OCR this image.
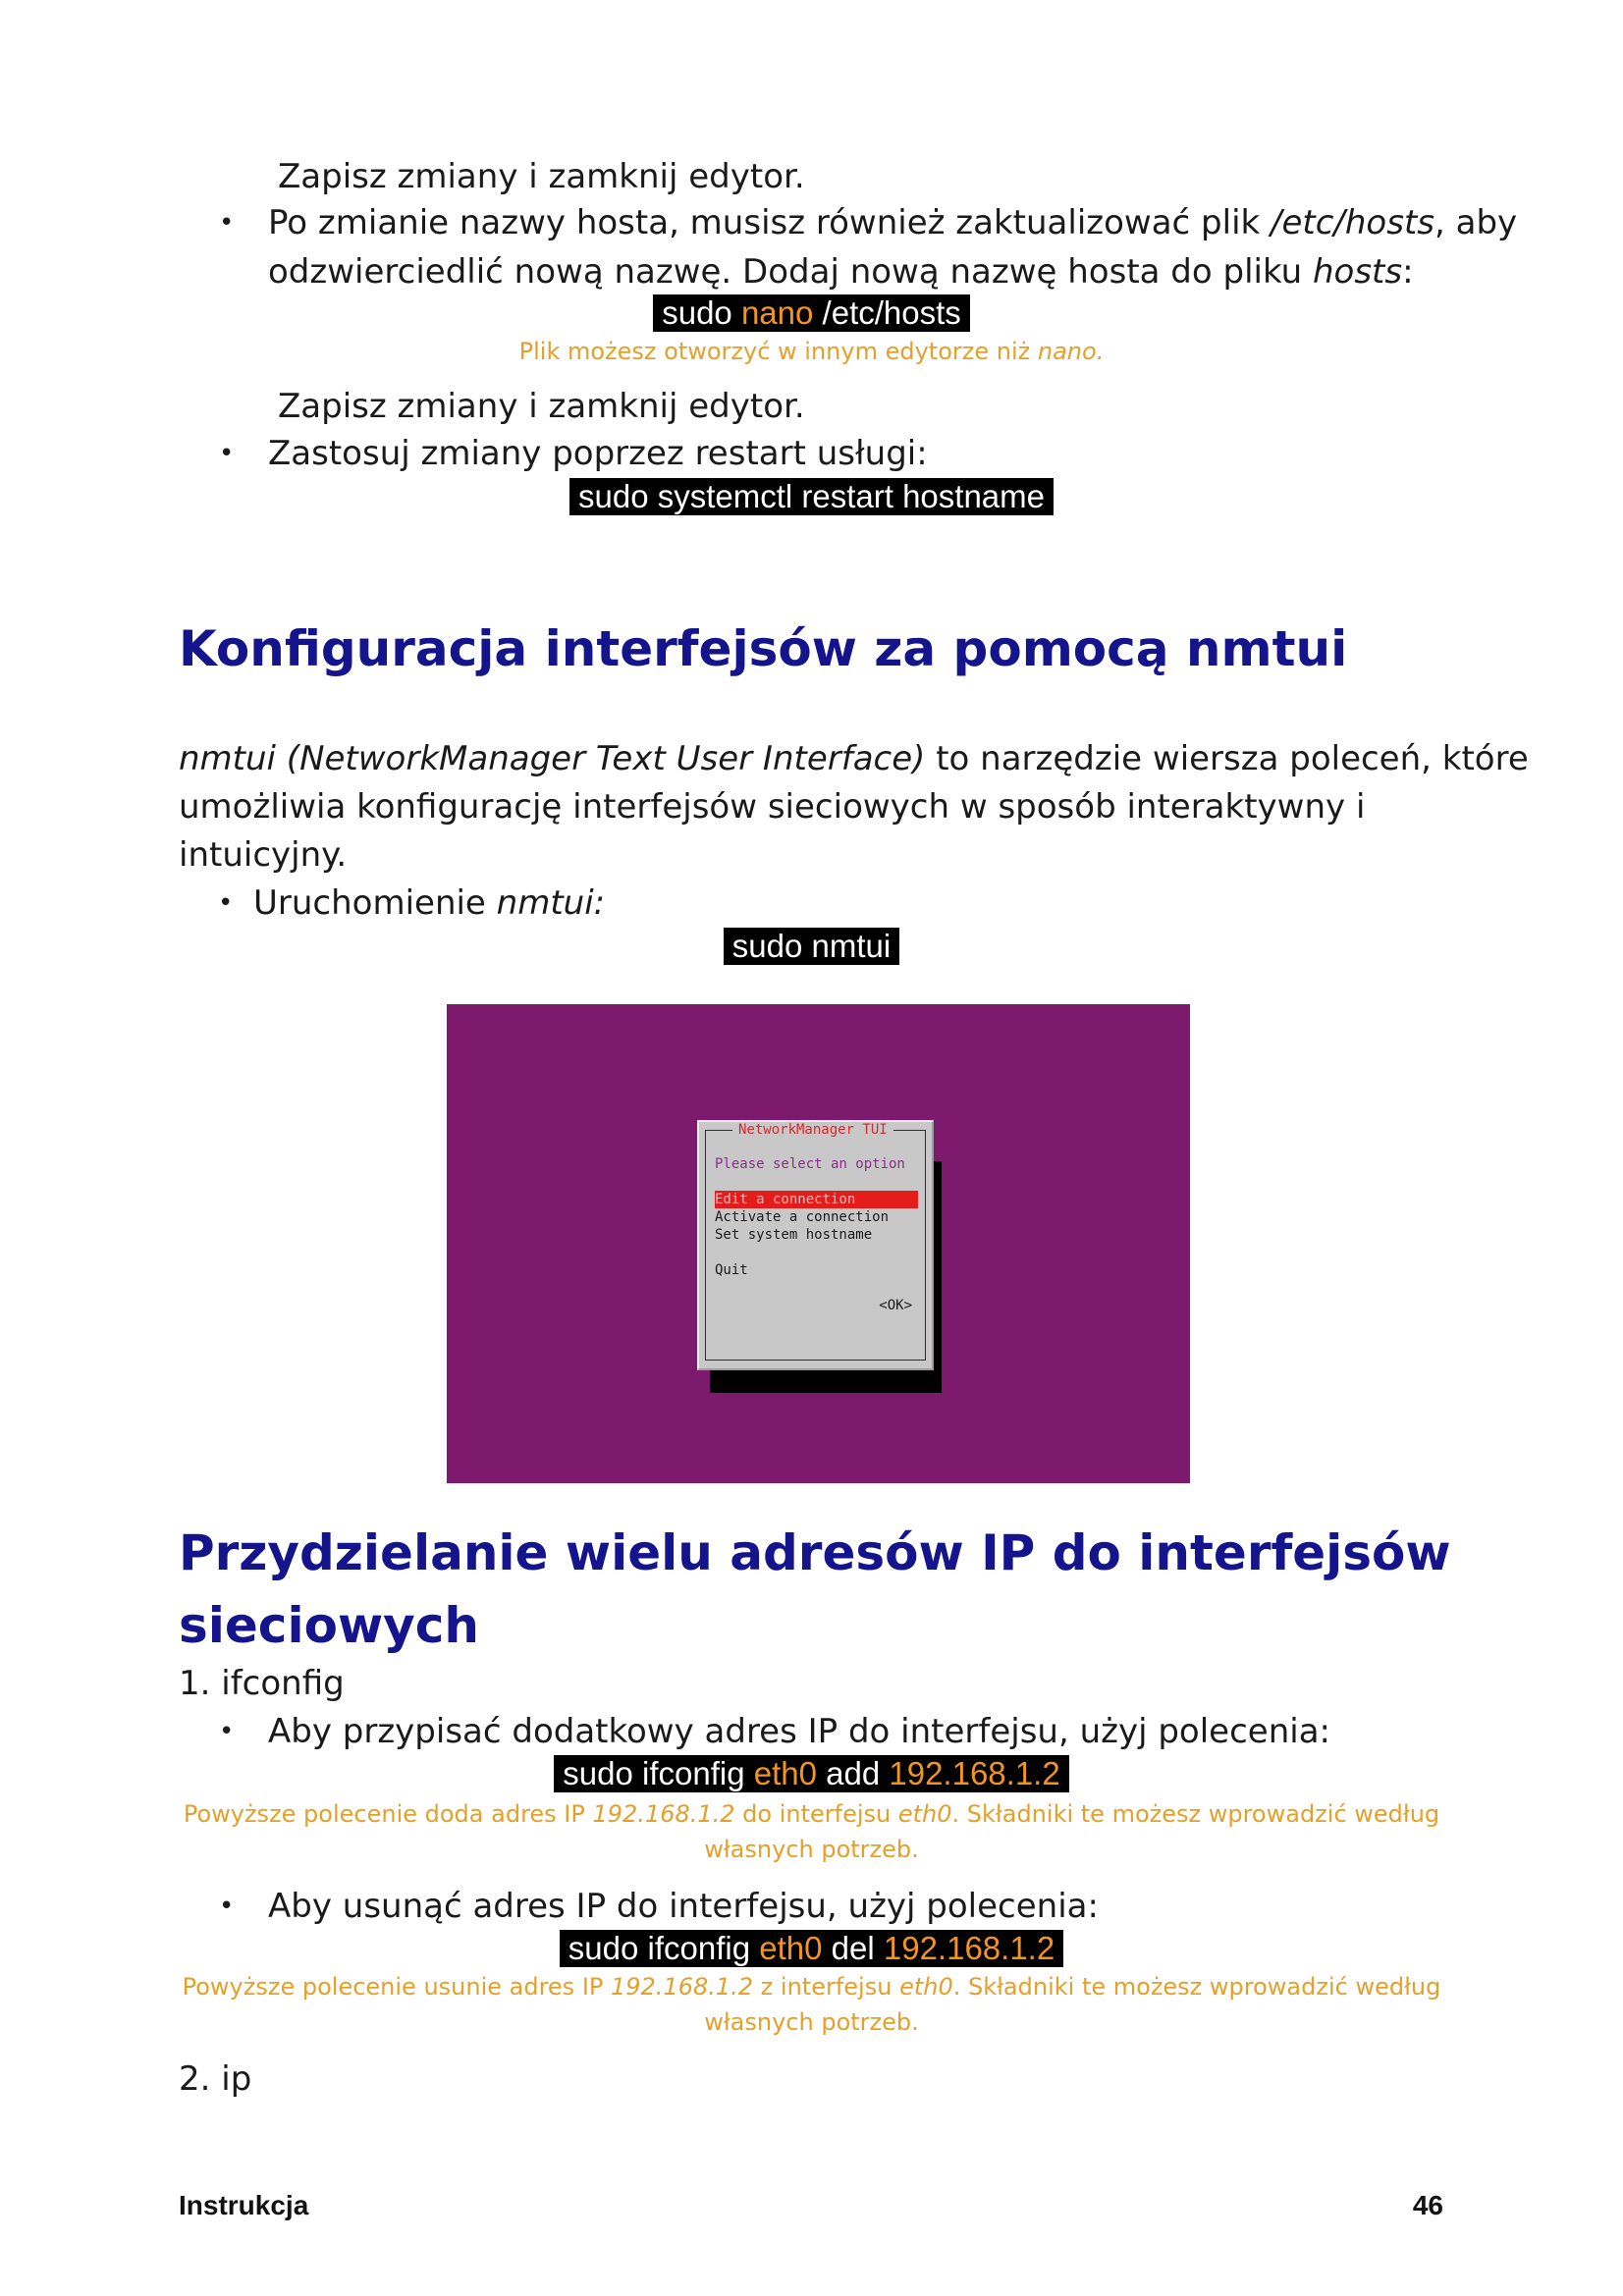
Zapisz zmiany i zamknij edytor.
• Po zmianie nazwy hosta, musisz również zaktualizować plik /etc/hosts, aby
odzwierciedlić nową nazwę. Dodaj nową nazwę hosta do pliku hosts:
sudo nano /etc/hosts
Plik możesz otworzyć w innym edytorze niż nano.
Zapisz zmiany i zamknij edytor.
• Zastosuj zmiany poprzez restart usługi:
sudo systemctl restart hostname
Konfiguracja interfejsów za pomocą nmtui
nmtui (NetworkManager Text User Interface) to narzędzie wiersza poleceń, które
umożliwia konfigurację interfejsów sieciowych w sposób interaktywny i
intuicyjny.
• Uruchomienie nmtui:
sudo nmtui
NetworkManager TUI
Please select an option
Edit a connection
Activate a connection
Set system hostname
Quit
<OK>
Przydzielanie wielu adresów IP do interfejsów
sieciowych
1. ifconfig
• Aby przypisać dodatkowy adres IP do interfejsu, użyj polecenia:
sudo ifconfig eth0 add 192.168.1.2
Powyższe polecenie doda adres IP 192.168.1.2 do interfejsu eth0. Składniki te możesz wprowadzić według
własnych potrzeb.
• Aby usunąć adres IP do interfejsu, użyj polecenia:
sudo ifconfig eth0 del 192.168.1.2
Powyższe polecenie usunie adres IP 192.168.1.2 z interfejsu eth0. Składniki te możesz wprowadzić według
własnych potrzeb.
2. ip
Instrukcja	46
